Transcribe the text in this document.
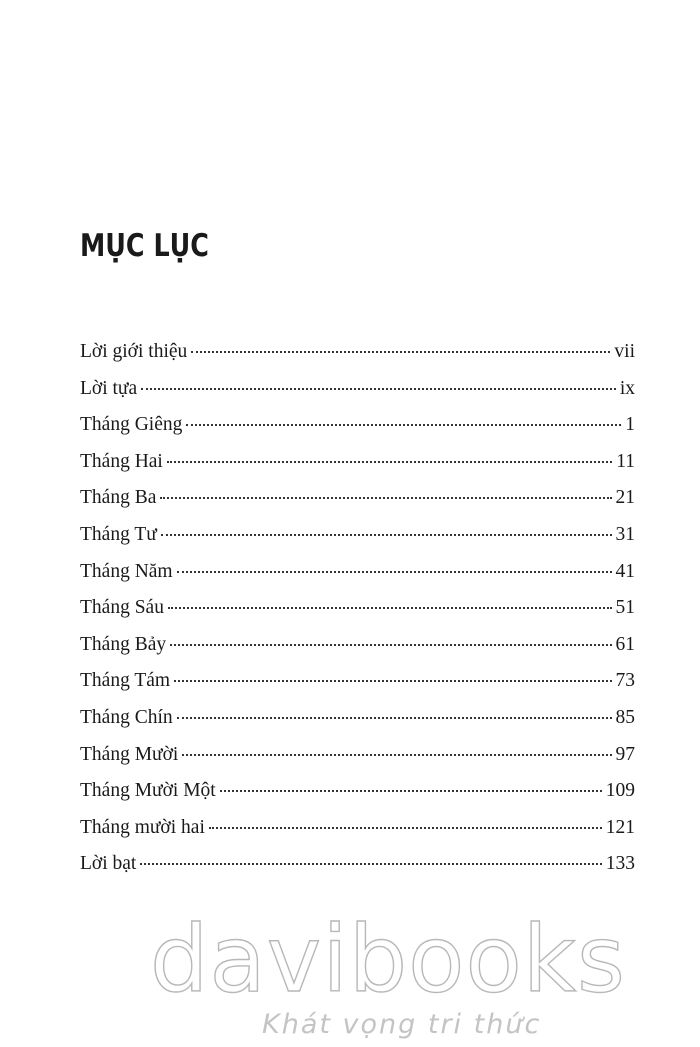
MỤC LỤC
Lời giới thiệu	vii
Lời tựa	ix
Tháng Giêng	1
Tháng Hai	11
Tháng Ba	21
Tháng Tư	31
Tháng Năm	41
Tháng Sáu	51
Tháng Bảy	61
Tháng Tám	73
Tháng Chín	85
Tháng Mười	97
Tháng Mười Một	109
Tháng mười hai	121
Lời bạt	133
davibooks
Khát vọng tri thức
